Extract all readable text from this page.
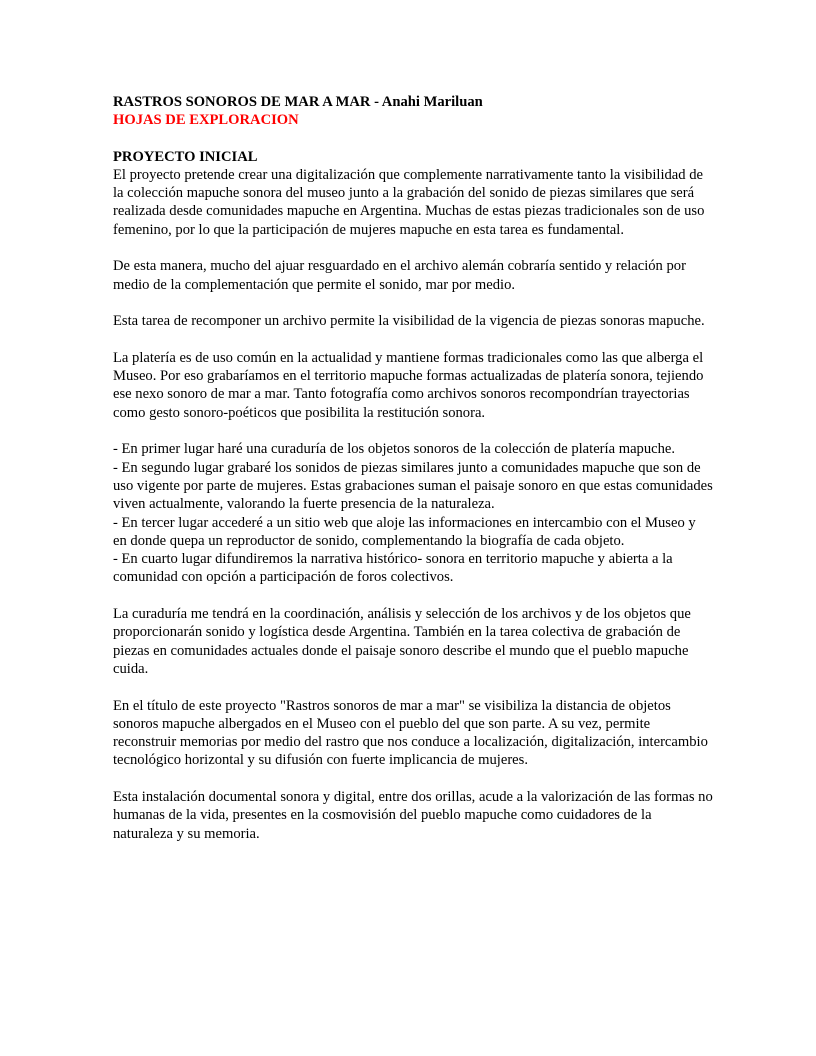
RASTROS SONOROS DE MAR A MAR - Anahi Mariluan
HOJAS DE EXPLORACION
PROYECTO INICIAL

El proyecto pretende crear una digitalización que complemente narrativamente tanto la visibilidad de la colección mapuche sonora del museo junto a la grabación del sonido de piezas similares que será realizada desde comunidades mapuche en Argentina. Muchas de estas piezas tradicionales son de uso femenino, por lo que la participación de mujeres mapuche en esta tarea es fundamental.

De esta manera, mucho del ajuar resguardado en el archivo alemán cobraría sentido y relación por medio de la complementación que permite el sonido, mar por medio.

Esta tarea de recomponer un archivo permite la visibilidad de la vigencia de piezas sonoras mapuche.

La platería es de uso común en la actualidad y mantiene formas tradicionales como las que alberga el Museo. Por eso grabaríamos en el territorio mapuche formas actualizadas de platería sonora, tejiendo ese nexo sonoro de mar a mar. Tanto fotografía como archivos sonoros recompondrían trayectorias como gesto sonoro-poéticos que posibilita la restitución sonora.

- En primer lugar haré una curaduría de los objetos sonoros de la colección de platería mapuche.
- En segundo lugar grabaré los sonidos de piezas similares junto a comunidades mapuche que son de uso vigente por parte de mujeres. Estas grabaciones suman el paisaje sonoro en que estas comunidades viven actualmente, valorando la fuerte presencia de la naturaleza.
- En tercer lugar accederé a un sitio web que aloje las informaciones en intercambio con el Museo y en donde quepa un reproductor de sonido, complementando la biografía de cada objeto.
- En cuarto lugar difundiremos la narrativa histórico- sonora en territorio mapuche y abierta a la comunidad con opción a participación de foros colectivos.

La curaduría me tendrá en la coordinación, análisis y selección de los archivos y de los objetos que proporcionarán sonido y logística desde Argentina. También en la tarea colectiva de grabación de piezas en comunidades actuales donde el paisaje sonoro describe el mundo que el pueblo mapuche cuida.

En el título de este proyecto "Rastros sonoros de mar a mar" se visibiliza la distancia de objetos sonoros mapuche albergados en el Museo con el pueblo del que son parte. A su vez, permite reconstruir memorias por medio del rastro que nos conduce a localización, digitalización, intercambio tecnológico horizontal y su difusión con fuerte implicancia de mujeres.

Esta instalación documental sonora y digital, entre dos orillas, acude a la valorización de las formas no humanas de la vida, presentes en la cosmovisión del pueblo mapuche como cuidadores de la naturaleza y su memoria.
